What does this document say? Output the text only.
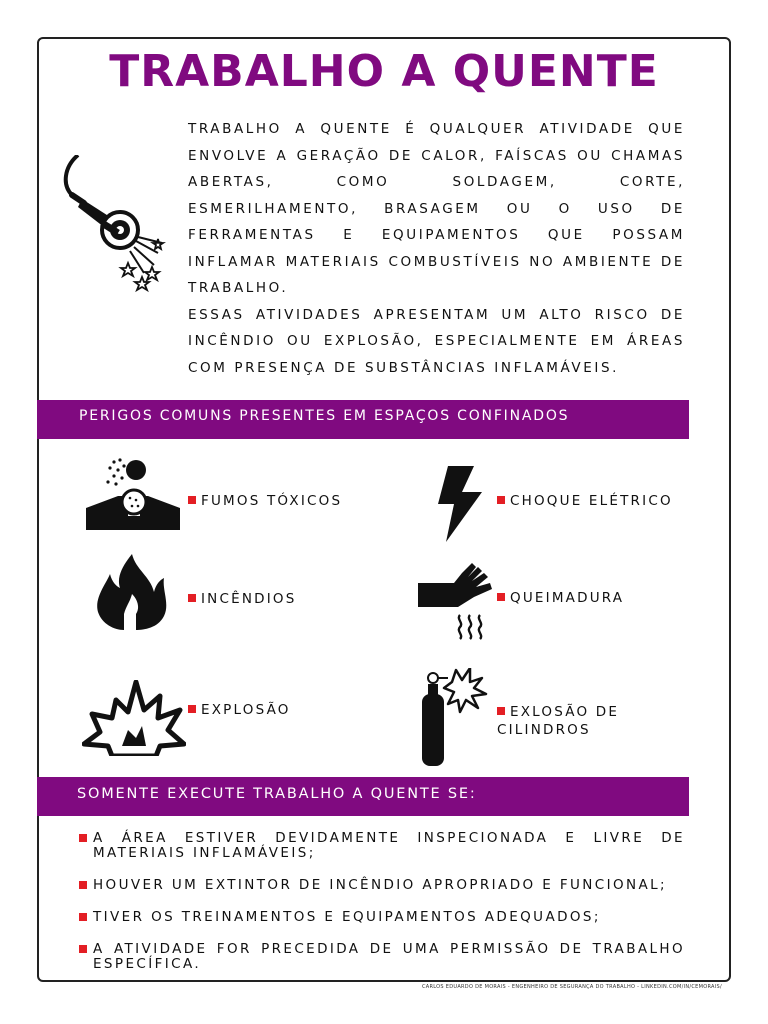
TRABALHO A QUENTE

TRABALHO A QUENTE É QUALQUER ATIVIDADE QUE ENVOLVE A GERAÇÃO DE CALOR, FAÍSCAS OU CHAMAS ABERTAS, COMO SOLDAGEM, CORTE, ESMERILHAMENTO, BRASAGEM OU O USO DE FERRAMENTAS E EQUIPAMENTOS QUE POSSAM INFLAMAR MATERIAIS COMBUSTÍVEIS NO AMBIENTE DE TRABALHO.

ESSAS ATIVIDADES APRESENTAM UM ALTO RISCO DE INCÊNDIO OU EXPLOSÃO, ESPECIALMENTE EM ÁREAS COM PRESENÇA DE SUBSTÂNCIAS INFLAMÁVEIS.

PERIGOS COMUNS PRESENTES EM ESPAÇOS CONFINADOS
FUMOS TÓXICOS	CHOQUE ELÉTRICO
INCÊNDIOS	QUEIMADURA
EXPLOSÃO	EXLOSÃO DE CILINDROS
SOMENTE EXECUTE TRABALHO A QUENTE SE:
A ÁREA ESTIVER DEVIDAMENTE INSPECIONADA E LIVRE DE MATERIAIS INFLAMÁVEIS;
HOUVER UM EXTINTOR DE INCÊNDIO APROPRIADO E FUNCIONAL;
TIVER OS TREINAMENTOS E EQUIPAMENTOS ADEQUADOS;
A ATIVIDADE FOR PRECEDIDA DE UMA PERMISSÃO DE TRABALHO ESPECÍFICA.
CARLOS EDUARDO DE MORAIS - ENGENHEIRO DE SEGURANÇA DO TRABALHO - LINKEDIN.COM/IN/CEMORAIS/
